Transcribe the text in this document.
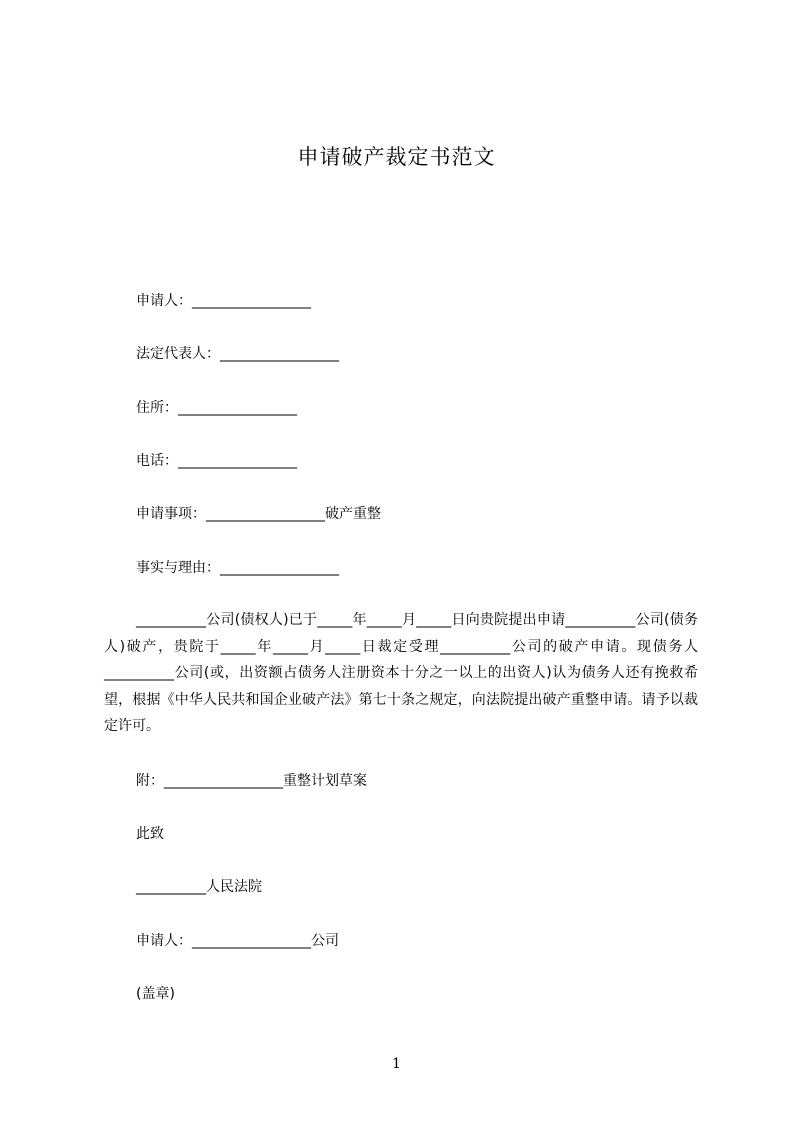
申请破产裁定书范文
申请人：_________________
法定代表人：_________________
住所：_________________
电话：_________________
申请事项：_________________破产重整
事实与理由：_________________
__________公司(债权人)已于_____年_____月_____日向贵院提出申请__________公司(债务人)破产，贵院于_____年_____月_____日裁定受理__________公司的破产申请。现债务人__________公司(或，出资额占债务人注册资本十分之一以上的出资人)认为债务人还有挽救希望，根据《中华人民共和国企业破产法》第七十条之规定，向法院提出破产重整申请。请予以裁定许可。
附：_________________重整计划草案
此致
__________人民法院
申请人：_________________公司
(盖章)
1
